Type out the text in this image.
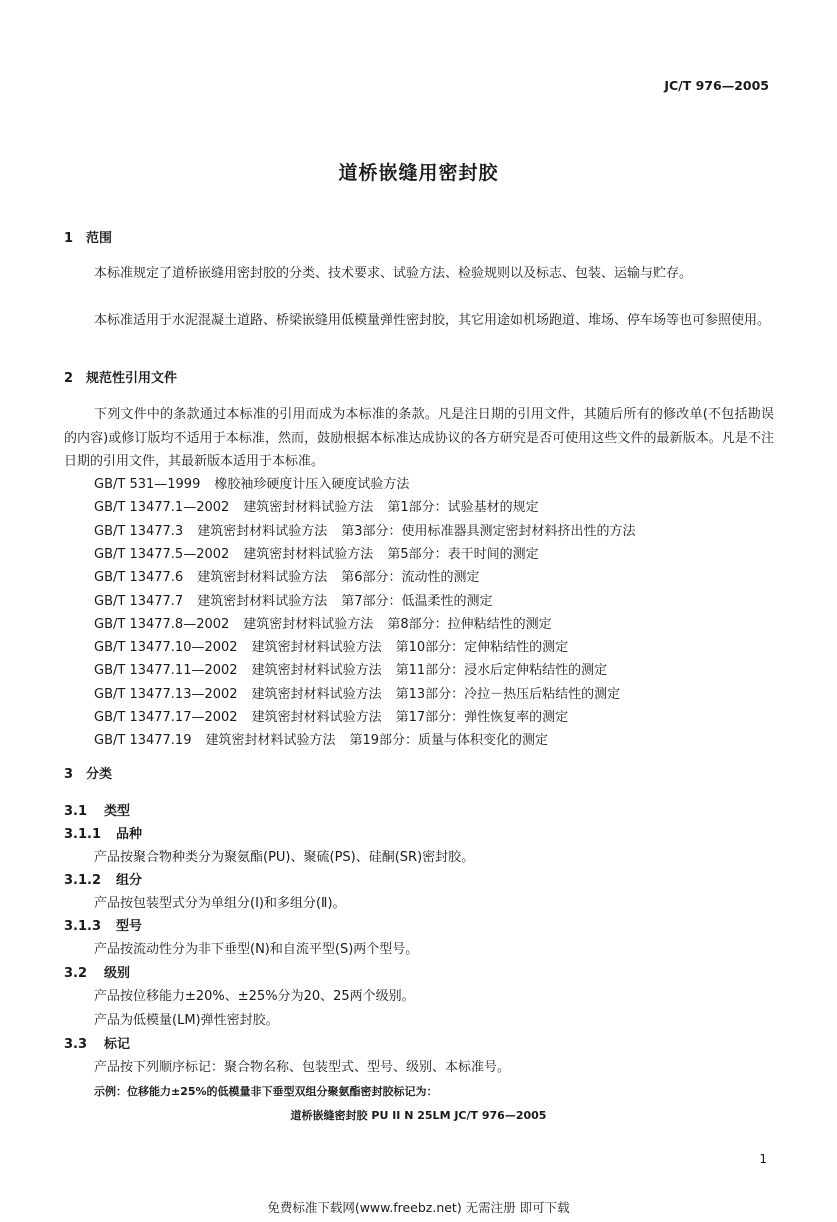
JC/T 976—2005
道桥嵌缝用密封胶
1 范围
本标准规定了道桥嵌缝用密封胶的分类、技术要求、试验方法、检验规则以及标志、包装、运输与贮存。
本标准适用于水泥混凝土道路、桥梁嵌缝用低模量弹性密封胶，其它用途如机场跑道、堆场、停车场等也可参照使用。
2 规范性引用文件
下列文件中的条款通过本标准的引用而成为本标准的条款。凡是注日期的引用文件，其随后所有的修改单(不包括勘误的内容)或修订版均不适用于本标准，然而，鼓励根据本标准达成协议的各方研究是否可使用这些文件的最新版本。凡是不注日期的引用文件，其最新版本适用于本标准。
GB/T 531—1999 橡胶袖珍硬度计压入硬度试验方法
GB/T 13477.1—2002 建筑密封材料试验方法 第1部分：试验基材的规定
GB/T 13477.3 建筑密封材料试验方法 第3部分：使用标准器具测定密封材料挤出性的方法
GB/T 13477.5—2002 建筑密封材料试验方法 第5部分：表干时间的测定
GB/T 13477.6 建筑密封材料试验方法 第6部分：流动性的测定
GB/T 13477.7 建筑密封材料试验方法 第7部分：低温柔性的测定
GB/T 13477.8—2002 建筑密封材料试验方法 第8部分：拉伸粘结性的测定
GB/T 13477.10—2002 建筑密封材料试验方法 第10部分：定伸粘结性的测定
GB/T 13477.11—2002 建筑密封材料试验方法 第11部分：浸水后定伸粘结性的测定
GB/T 13477.13—2002 建筑密封材料试验方法 第13部分：冷拉－热压后粘结性的测定
GB/T 13477.17—2002 建筑密封材料试验方法 第17部分：弹性恢复率的测定
GB/T 13477.19 建筑密封材料试验方法 第19部分：质量与体积变化的测定
3 分类
3.1 类型
3.1.1 品种
产品按聚合物种类分为聚氨酯(PU)、聚硫(PS)、硅酮(SR)密封胶。
3.1.2 组分
产品按包装型式分为单组分(I)和多组分(Ⅱ)。
3.1.3 型号
产品按流动性分为非下垂型(N)和自流平型(S)两个型号。
3.2 级别
产品按位移能力±20%、±25%分为20、25两个级别。
产品为低模量(LM)弹性密封胶。
3.3 标记
产品按下列顺序标记：聚合物名称、包装型式、型号、级别、本标准号。
示例：位移能力±25%的低模量非下垂型双组分聚氨酯密封胶标记为：
道桥嵌缝密封胶 PU II N 25LM JC/T 976—2005
1
免费标准下载网(www.freebz.net) 无需注册 即可下载
